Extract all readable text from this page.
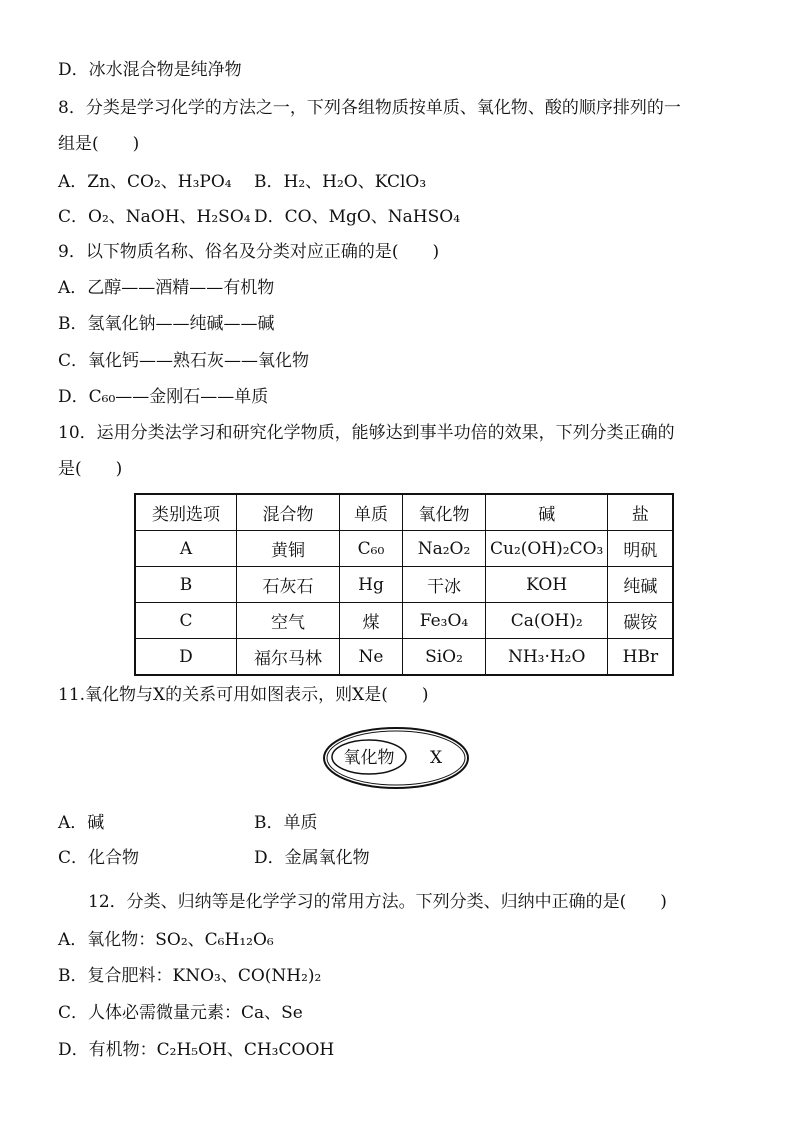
D．冰水混合物是纯净物
8．分类是学习化学的方法之一，下列各组物质按单质、氧化物、酸的顺序排列的一
组是(　　)
A．Zn、CO₂、H₃PO₄ B．H₂、H₂O、KClO₃
C．O₂、NaOH、H₂SO₄ D．CO、MgO、NaHSO₄
9．以下物质名称、俗名及分类对应正确的是(　　)
A．乙醇——酒精——有机物
B．氢氧化钠——纯碱——碱
C．氧化钙——熟石灰——氧化物
D．C₆₀——金刚石——单质
10．运用分类法学习和研究化学物质，能够达到事半功倍的效果，下列分类正确的
是(　　)
类别选项	混合物	单质	氧化物	碱	盐
A	黄铜	C₆₀	Na₂O₂	Cu₂(OH)₂CO₃	明矾
B	石灰石	Hg	干冰	KOH	纯碱
C	空气	煤	Fe₃O₄	Ca(OH)₂	碳铵
D	福尔马林	Ne	SiO₂	NH₃·H₂O	HBr
11.氧化物与X的关系可用如图表示，则X是(　　)
氧化物 X
A．碱	B．单质
C．化合物	D．金属氧化物
12．分类、归纳等是化学学习的常用方法。下列分类、归纳中正确的是(　　)
A．氧化物：SO₂、C₆H₁₂O₆
B．复合肥料：KNO₃、CO(NH₂)₂
C．人体必需微量元素：Ca、Se
D．有机物：C₂H₅OH、CH₃COOH
